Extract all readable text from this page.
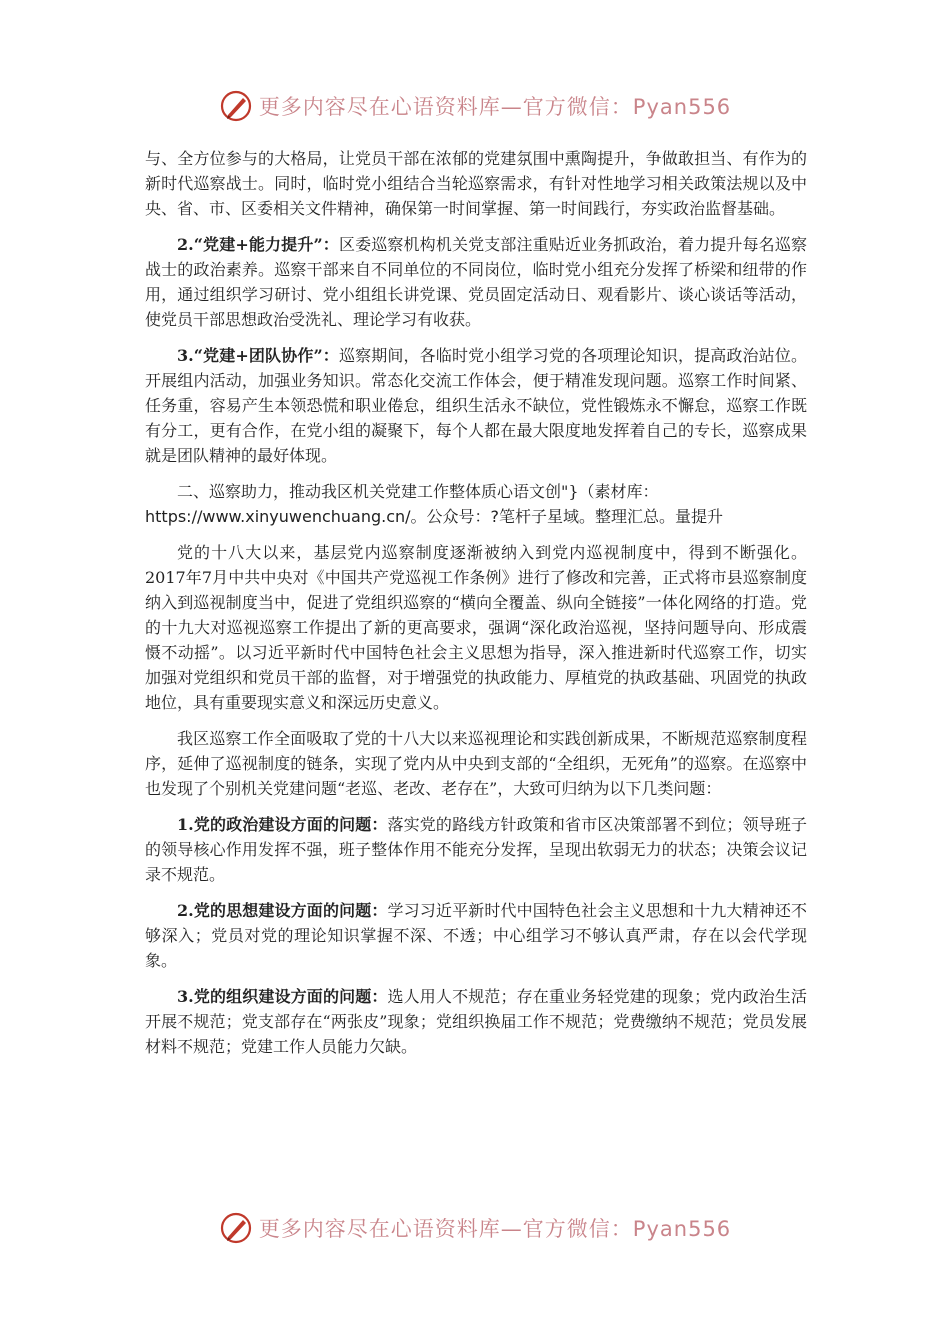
更多内容尽在心语资料库—官方微信：Pyan556

与、全方位参与的大格局，让党员干部在浓郁的党建氛围中熏陶提升，争做敢担当、有作为的新时代巡察战士。同时，临时党小组结合当轮巡察需求，有针对性地学习相关政策法规以及中央、省、市、区委相关文件精神，确保第一时间掌握、第一时间践行，夯实政治监督基础。

2.“党建+能力提升”：区委巡察机构机关党支部注重贴近业务抓政治，着力提升每名巡察战士的政治素养。巡察干部来自不同单位的不同岗位，临时党小组充分发挥了桥梁和纽带的作用，通过组织学习研讨、党小组组长讲党课、党员固定活动日、观看影片、谈心谈话等活动，使党员干部思想政治受洗礼、理论学习有收获。

3.“党建+团队协作”：巡察期间，各临时党小组学习党的各项理论知识，提高政治站位。开展组内活动，加强业务知识。常态化交流工作体会，便于精准发现问题。巡察工作时间紧、任务重，容易产生本领恐慌和职业倦怠，组织生活永不缺位，党性锻炼永不懈怠，巡察工作既有分工，更有合作，在党小组的凝聚下，每个人都在最大限度地发挥着自己的专长，巡察成果就是团队精神的最好体现。

二、巡察助力，推动我区机关党建工作整体质心语文创"}（素材库：
https://www.xinyuwenchuang.cn/。公众号：?笔杆子星域。整理汇总。量提升

党的十八大以来，基层党内巡察制度逐渐被纳入到党内巡视制度中，得到不断强化。2017年7月中共中央对《中国共产党巡视工作条例》进行了修改和完善，正式将市县巡察制度纳入到巡视制度当中，促进了党组织巡察的“横向全覆盖、纵向全链接”一体化网络的打造。党的十九大对巡视巡察工作提出了新的更高要求，强调“深化政治巡视，坚持问题导向、形成震慑不动摇”。以习近平新时代中国特色社会主义思想为指导，深入推进新时代巡察工作，切实加强对党组织和党员干部的监督，对于增强党的执政能力、厚植党的执政基础、巩固党的执政地位，具有重要现实意义和深远历史意义。

我区巡察工作全面吸取了党的十八大以来巡视理论和实践创新成果，不断规范巡察制度程序，延伸了巡视制度的链条，实现了党内从中央到支部的“全组织，无死角”的巡察。在巡察中也发现了个别机关党建问题“老巡、老改、老存在”，大致可归纳为以下几类问题：

1.党的政治建设方面的问题：落实党的路线方针政策和省市区决策部署不到位；领导班子的领导核心作用发挥不强，班子整体作用不能充分发挥，呈现出软弱无力的状态；决策会议记录不规范。

2.党的思想建设方面的问题：学习习近平新时代中国特色社会主义思想和十九大精神还不够深入；党员对党的理论知识掌握不深、不透；中心组学习不够认真严肃，存在以会代学现象。

3.党的组织建设方面的问题：选人用人不规范；存在重业务轻党建的现象；党内政治生活开展不规范；党支部存在“两张皮”现象；党组织换届工作不规范；党费缴纳不规范；党员发展材料不规范；党建工作人员能力欠缺。

更多内容尽在心语资料库—官方微信：Pyan556
